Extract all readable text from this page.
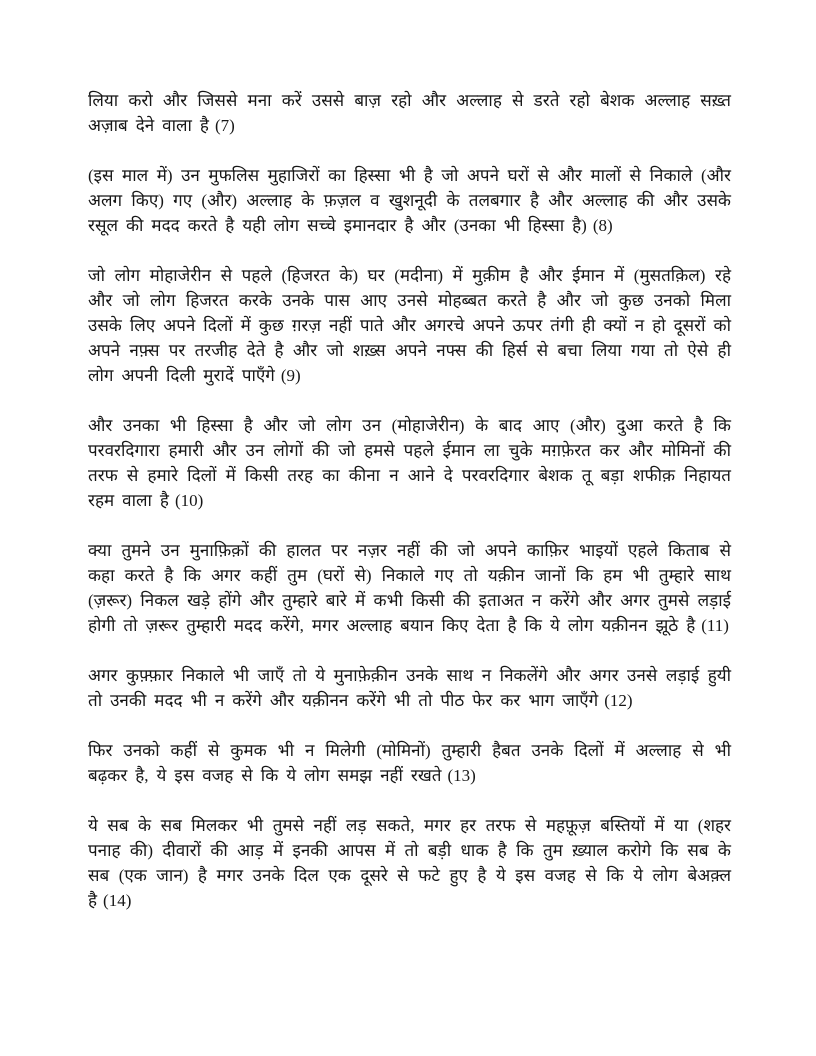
लिया करो और जिससे मना करें उससे बाज़ रहो और अल्लाह से डरते रहो बेशक अल्लाह सख़्त अज़ाब देने वाला है (7)

(इस माल में) उन मुफलिस मुहाजिरों का हिस्सा भी है जो अपने घरों से और मालों से निकाले (और अलग किए) गए (और) अल्लाह के फ़ज़ल व खुशनूदी के तलबगार है और अल्लाह की और उसके रसूल की मदद करते है यही लोग सच्चे इमानदार है और (उनका भी हिस्सा है) (8)

जो लोग मोहाजेरीन से पहले (हिजरत के) घर (मदीना) में मुक़ीम है और ईमान में (मुसतक़िल) रहे और जो लोग हिजरत करके उनके पास आए उनसे मोहब्बत करते है और जो कुछ उनको मिला उसके लिए अपने दिलों में कुछ ग़रज़ नहीं पाते और अगरचे अपने ऊपर तंगी ही क्यों न हो दूसरों को अपने नफ़्स पर तरजीह देते है और जो शख़्स अपने नफ्स की हिर्स से बचा लिया गया तो ऐसे ही लोग अपनी दिली मुरादें पाएँगे (9)

और उनका भी हिस्सा है और जो लोग उन (मोहाजेरीन) के बाद आए (और) दुआ करते है कि परवरदिगारा हमारी और उन लोगों की जो हमसे पहले ईमान ला चुके मग़फ़ेरत कर और मोमिनों की तरफ से हमारे दिलों में किसी तरह का कीना न आने दे परवरदिगार बेशक तू बड़ा शफीक़ निहायत रहम वाला है (10)

क्या तुमने उन मुनाफ़िक़ों की हालत पर नज़र नहीं की जो अपने काफ़िर भाइयों एहले किताब से कहा करते है कि अगर कहीं तुम (घरों से) निकाले गए तो यक़ीन जानों कि हम भी तुम्हारे साथ (ज़रूर) निकल खड़े होंगे और तुम्हारे बारे में कभी किसी की इताअत न करेंगे और अगर तुमसे लड़ाई होगी तो ज़रूर तुम्हारी मदद करेंगे, मगर अल्लाह बयान किए देता है कि ये लोग यक़ीनन झूठे है (11)

अगर कुफ़्फ़ार निकाले भी जाएँ तो ये मुनाफ़ेक़ीन उनके साथ न निकलेंगे और अगर उनसे लड़ाई हुयी तो उनकी मदद भी न करेंगे और यक़ीनन करेंगे भी तो पीठ फेर कर भाग जाएँगे (12)

फिर उनको कहीं से कुमक भी न मिलेगी (मोमिनों) तुम्हारी हैबत उनके दिलों में अल्लाह से भी बढ़कर है, ये इस वजह से कि ये लोग समझ नहीं रखते (13)

ये सब के सब मिलकर भी तुमसे नहीं लड़ सकते, मगर हर तरफ से महफ़ूज़ बस्तियों में या (शहर पनाह की) दीवारों की आड़ में इनकी आपस में तो बड़ी धाक है कि तुम ख़्याल करोगे कि सब के सब (एक जान) है मगर उनके दिल एक दूसरे से फटे हुए है ये इस वजह से कि ये लोग बेअक़्ल है (14)
